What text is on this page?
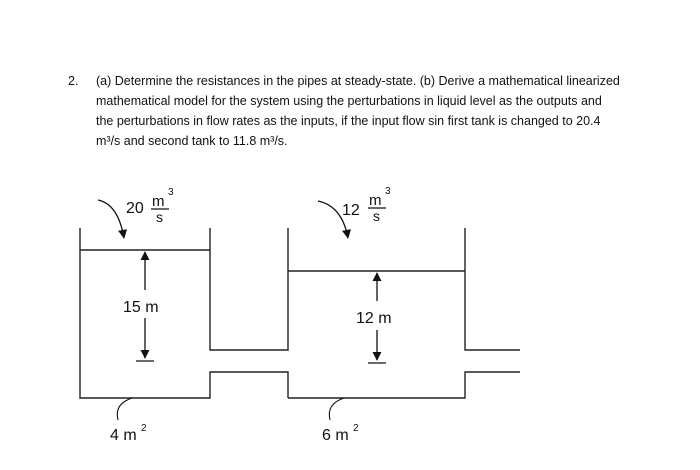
2. (a) Determine the resistances in the pipes at steady-state. (b) Derive a mathematical linearized
mathematical model for the system using the perturbations in liquid level as the outputs and
the perturbations in flow rates as the inputs, if the input flow sin first tank is changed to 20.4
m³/s and second tank to 11.8 m³/s.
20 m
3
s	12
m
3
s
15 m
12 m
4 m 2	6 m 2
